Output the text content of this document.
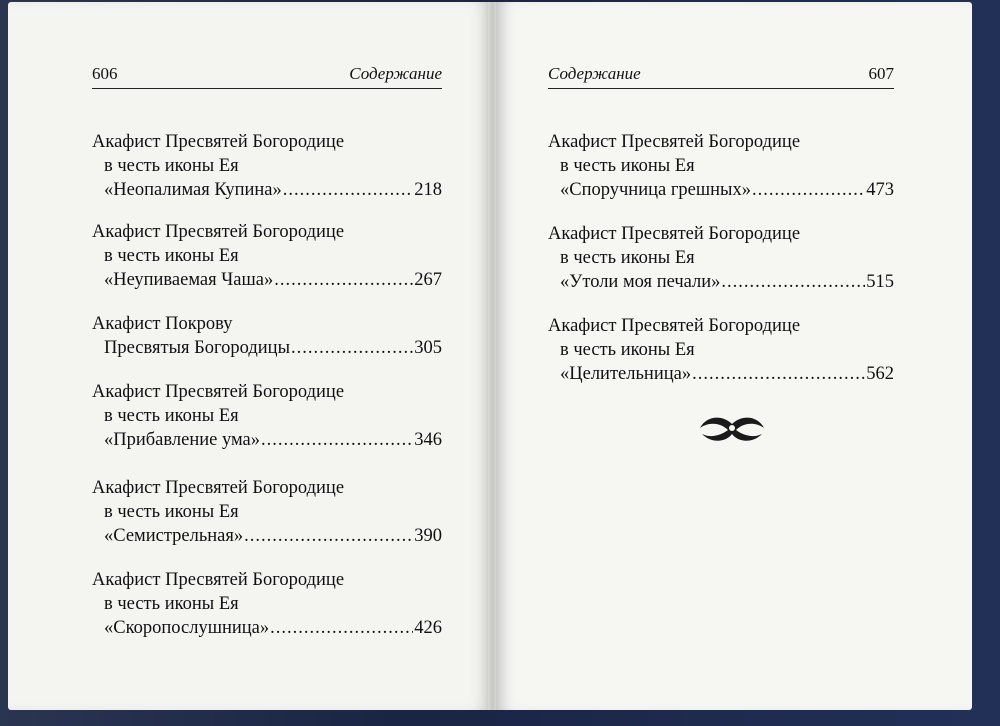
606	Содержание
Акафист Пресвятей Богородице
в честь иконы Ея
«Неопалимая Купина» .....	218
Акафист Пресвятей Богородице
в честь иконы Ея
«Неупиваемая Чаша» .....	267
Акафист Покрову
Пресвятыя Богородицы .....	305
Акафист Пресвятей Богородице
в честь иконы Ея
«Прибавление ума» .....	346
Акафист Пресвятей Богородице
в честь иконы Ея
«Семистрельная» .....	390
Акафист Пресвятей Богородице
в честь иконы Ея
«Скоропослушница» .....	426
Содержание	607
Акафист Пресвятей Богородице
в честь иконы Ея
«Споручница грешных» .....	473
Акафист Пресвятей Богородице
в честь иконы Ея
«Утоли моя печали» .....	515
Акафист Пресвятей Богородице
в честь иконы Ея
«Целительница» .....	562
